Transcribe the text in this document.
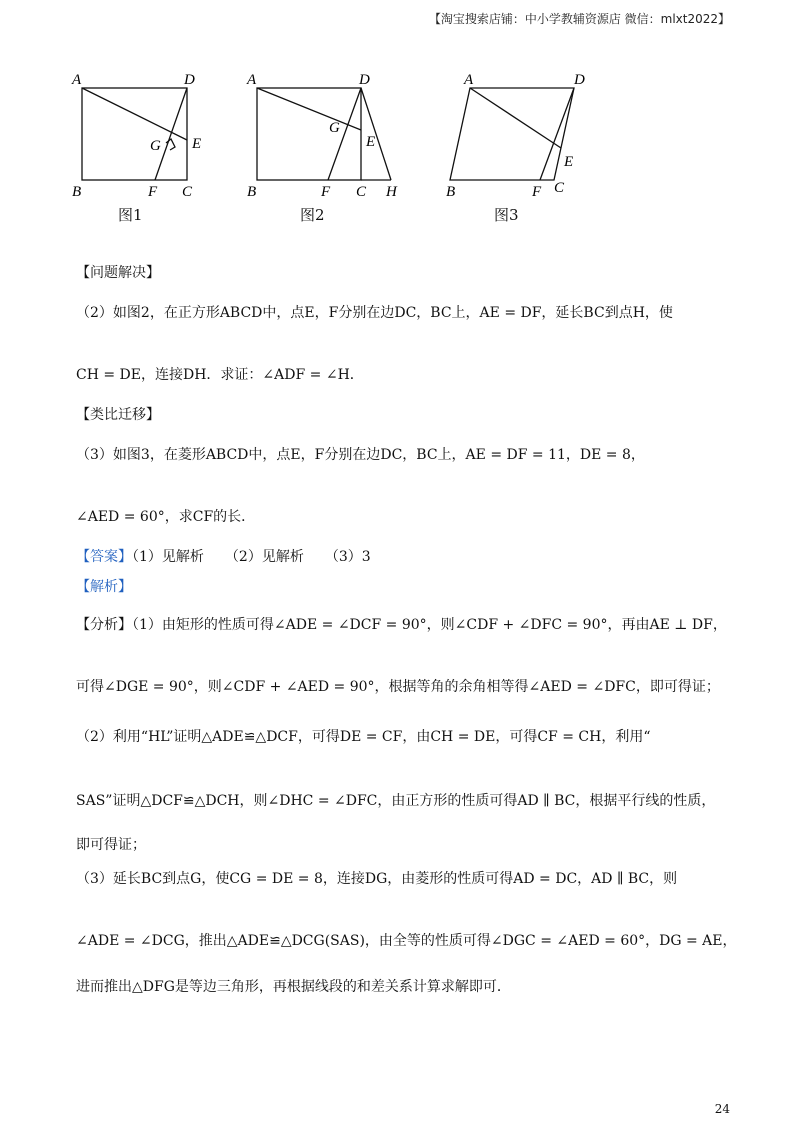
【淘宝搜索店铺：中小学教辅资源店 微信：mlxt2022】
A	D
G E
B	F C
图1
A	D
G
E
B	F C H
图2
A	D
E
B	F C
图3
【问题解决】
（2）如图2，在正方形ABCD中，点E，F分别在边DC，BC上，AE = DF，延长BC到点H，使
CH = DE，连接DH．求证：∠ADF = ∠H．
【类比迁移】
（3）如图3，在菱形ABCD中，点E，F分别在边DC，BC上，AE = DF = 11，DE = 8，
∠AED = 60°，求CF的长．
【答案】（1）见解析　　（2）见解析　　（3）3
【解析】
【分析】（1）由矩形的性质可得∠ADE = ∠DCF = 90°，则∠CDF + ∠DFC = 90°，再由AE ⊥ DF，
可得∠DGE = 90°，则∠CDF + ∠AED = 90°，根据等角的余角相等得∠AED = ∠DFC，即可得证；
（2）利用“HL”证明△ADE≌△DCF，可得DE = CF，由CH = DE，可得CF = CH，利用“
SAS”证明△DCF≌△DCH，则∠DHC = ∠DFC，由正方形的性质可得AD ∥ BC，根据平行线的性质，
即可得证；
（3）延长BC到点G，使CG = DE = 8，连接DG，由菱形的性质可得AD = DC，AD ∥ BC，则
∠ADE = ∠DCG，推出△ADE≌△DCG(SAS)，由全等的性质可得∠DGC = ∠AED = 60°，DG = AE，
进而推出△DFG是等边三角形，再根据线段的和差关系计算求解即可．
24
